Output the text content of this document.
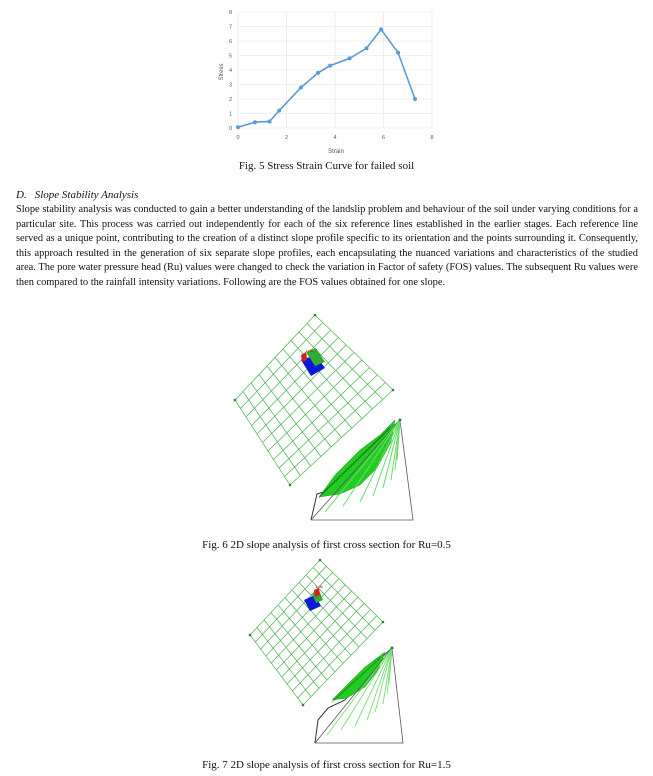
0
1
2
3
4
5
6
7
8
0	2	4	6	8
Strain
Stress
Fig. 5 Stress Strain Curve for failed soil
D. Slope Stability Analysis
Slope stability analysis was conducted to gain a better understanding of the landslip problem and behaviour of the soil under varying conditions for a particular site. This process was carried out independently for each of the six reference lines established in the earlier stages. Each reference line served as a unique point, contributing to the creation of a distinct slope profile specific to its orientation and the points surrounding it. Consequently, this approach resulted in the generation of six separate slope profiles, each encapsulating the nuanced variations and characteristics of the studied area. The pore water pressure head (Ru) values were changed to check the variation in Factor of safety (FOS) values. The subsequent Ru values were then compared to the rainfall intensity variations. Following are the FOS values obtained for one slope.
1.03
Fig. 6 2D slope analysis of first cross section for Ru=0.5
1.06
Fig. 7 2D slope analysis of first cross section for Ru=1.5
